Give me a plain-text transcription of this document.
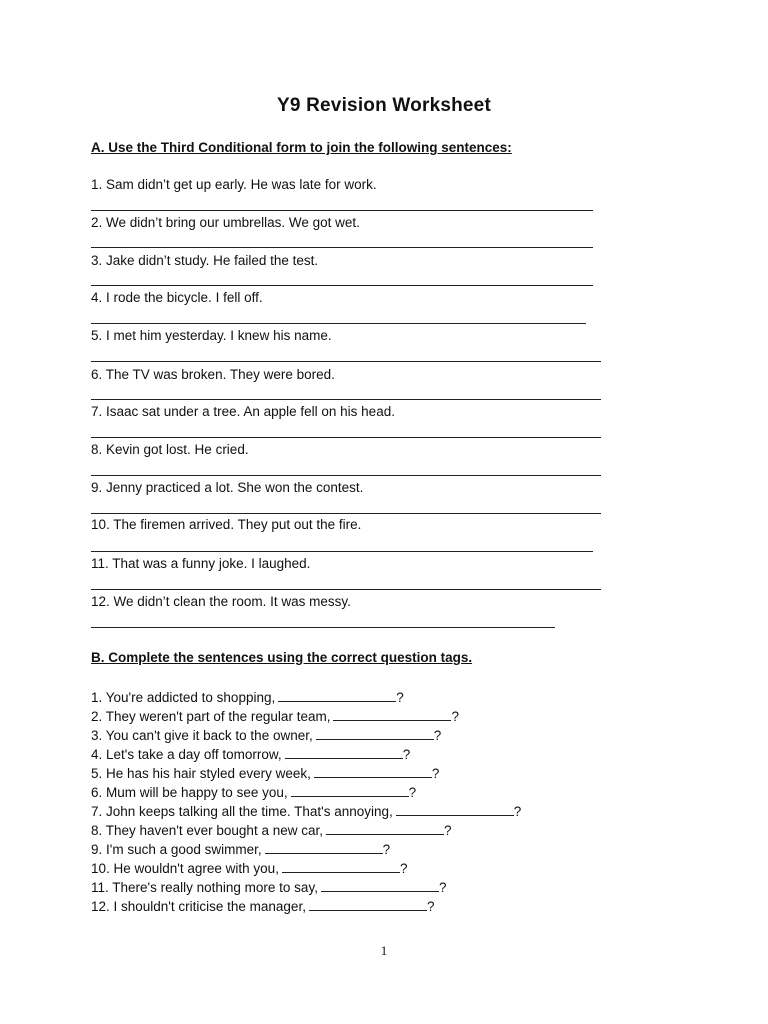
Y9 Revision Worksheet
A. Use the Third Conditional form to join the following sentences:
1. Sam didn’t get up early. He was late for work.
2. We didn’t bring our umbrellas. We got wet.
3. Jake didn’t study. He failed the test.
4. I rode the bicycle. I fell off.
5. I met him yesterday. I knew his name.
6. The TV was broken. They were bored.
7. Isaac sat under a tree. An apple fell on his head.
8. Kevin got lost. He cried.
9. Jenny practiced a lot. She won the contest.
10. The firemen arrived. They put out the fire.
11. That was a funny joke. I laughed.
12. We didn’t clean the room. It was messy.
B. Complete the sentences using the correct question tags.
1. You're addicted to shopping,	?
2. They weren't part of the regular team,	?
3. You can't give it back to the owner,	?
4. Let's take a day off tomorrow,	?
5. He has his hair styled every week,	?
6. Mum will be happy to see you,	?
7. John keeps talking all the time. That's annoying,	?
8. They haven't ever bought a new car,	?
9. I'm such a good swimmer,	?
10. He wouldn't agree with you,	?
11. There's really nothing more to say,	?
12. I shouldn't criticise the manager,	?
1
